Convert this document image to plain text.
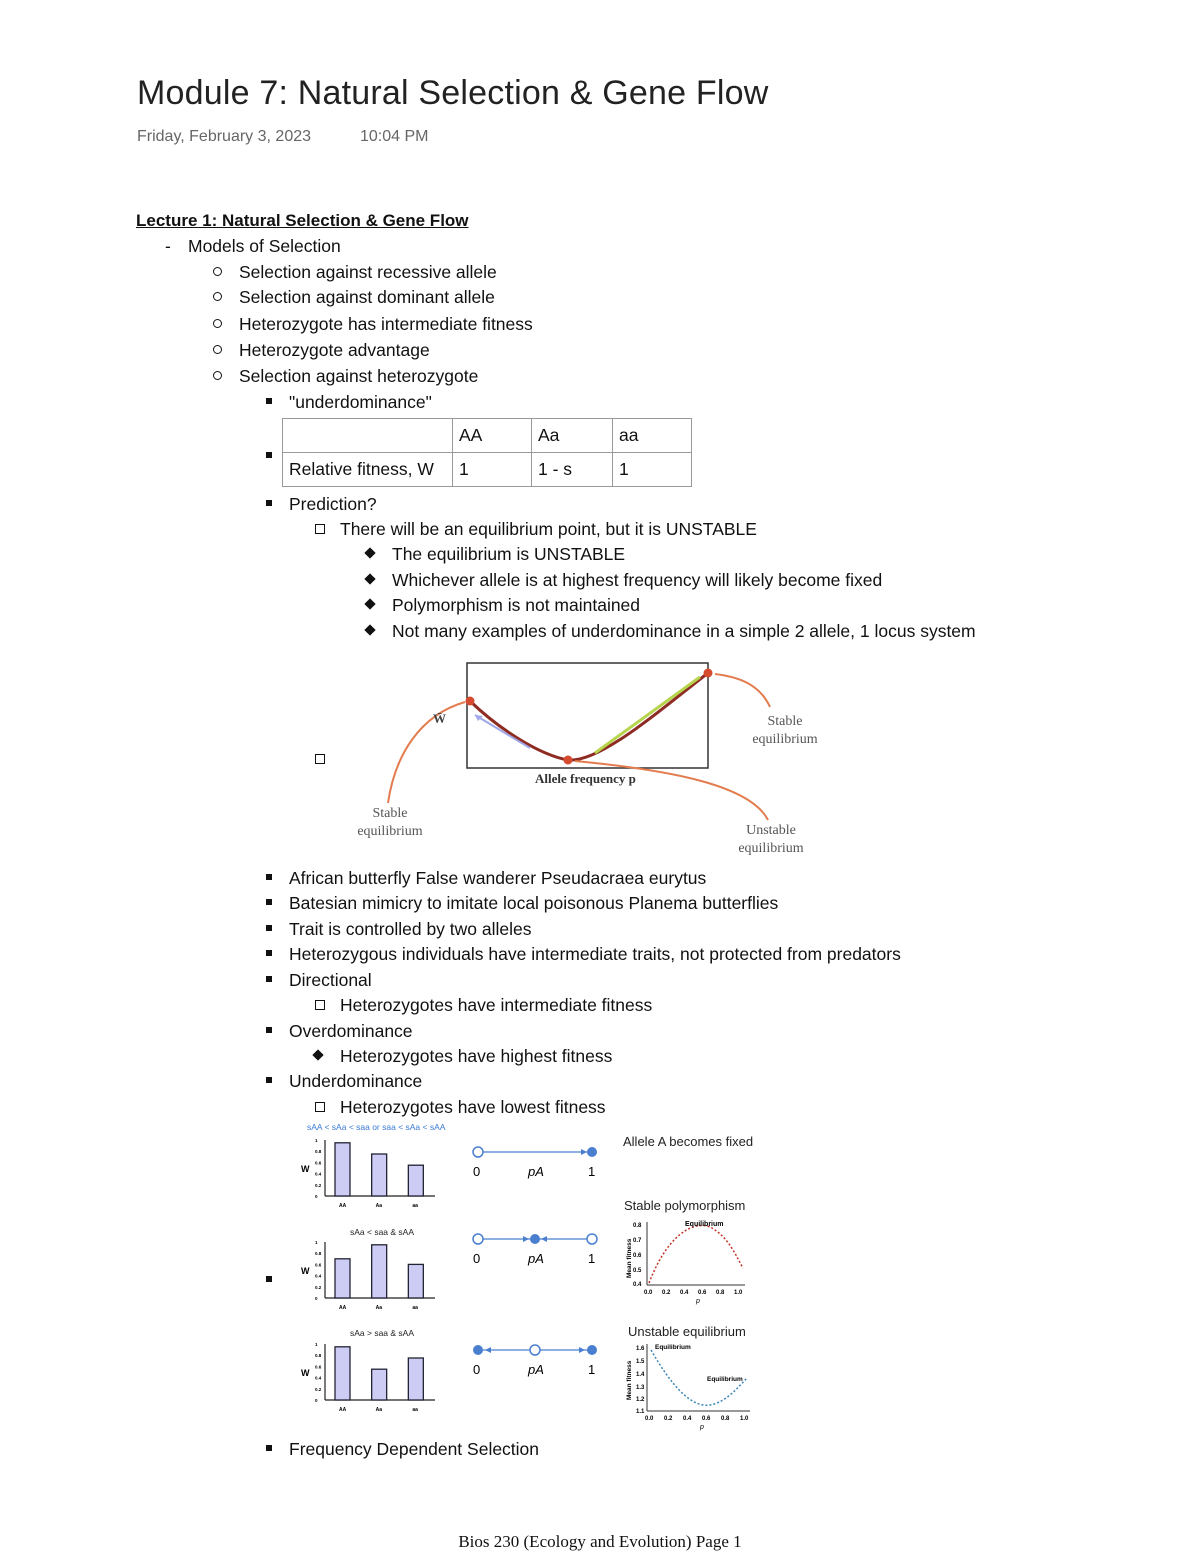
Module 7: Natural Selection & Gene Flow
Friday, February 3, 2023	10:04 PM
Lecture 1: Natural Selection & Gene Flow
- Models of Selection
Selection against recessive allele
Selection against dominant allele
Heterozygote has intermediate fitness
Heterozygote advantage
Selection against heterozygote
"underdominance"
	AA	Aa	aa
Relative fitness, W	1	1 - s	1
Prediction?
There will be an equilibrium point, but it is UNSTABLE
The equilibrium is UNSTABLE
Whichever allele is at highest frequency will likely become fixed
Polymorphism is not maintained
Not many examples of underdominance in a simple 2 allele, 1 locus system
W̄
Allele frequency p
Stable
equilibrium
Stable
equilibrium	Unstable
equilibrium
African butterfly False wanderer Pseudacraea eurytus
Batesian mimicry to imitate local poisonous Planema butterflies
Trait is controlled by two alleles
Heterozygous individuals have intermediate traits, not protected from predators
Directional
Heterozygotes have intermediate fitness
Overdominance
Heterozygotes have highest fitness
Underdominance
Heterozygotes have lowest fitness
sAA < sAa < saa or saa < sAa < sAA
1
0.8
0.6
0.4
0.2
0
W
AA	Aa	aa
0	pA	1
Allele A becomes fixed
sAa < saa & sAA
1
0.8
0.6
0.4
0.2
0
W
AA	Aa	aa
0	pA	1
Stable polymorphism
Equilibrium
Mean fitness
p
0.8
0.7
0.6
0.5
0.4
0.0 0.2 0.4 0.6 0.8 1.0
sAa > saa & sAA
1
0.8
0.6
0.4
0.2
0
W
AA	Aa	aa
0	pA	1
Unstable equilibrium
Equilibrium
Equilibrium
Mean fitness
p
1.6
1.5
1.4
1.3
1.2
1.1
0.0 0.2 0.4 0.6 0.8 1.0
Frequency Dependent Selection
Bios 230 (Ecology and Evolution) Page 1
